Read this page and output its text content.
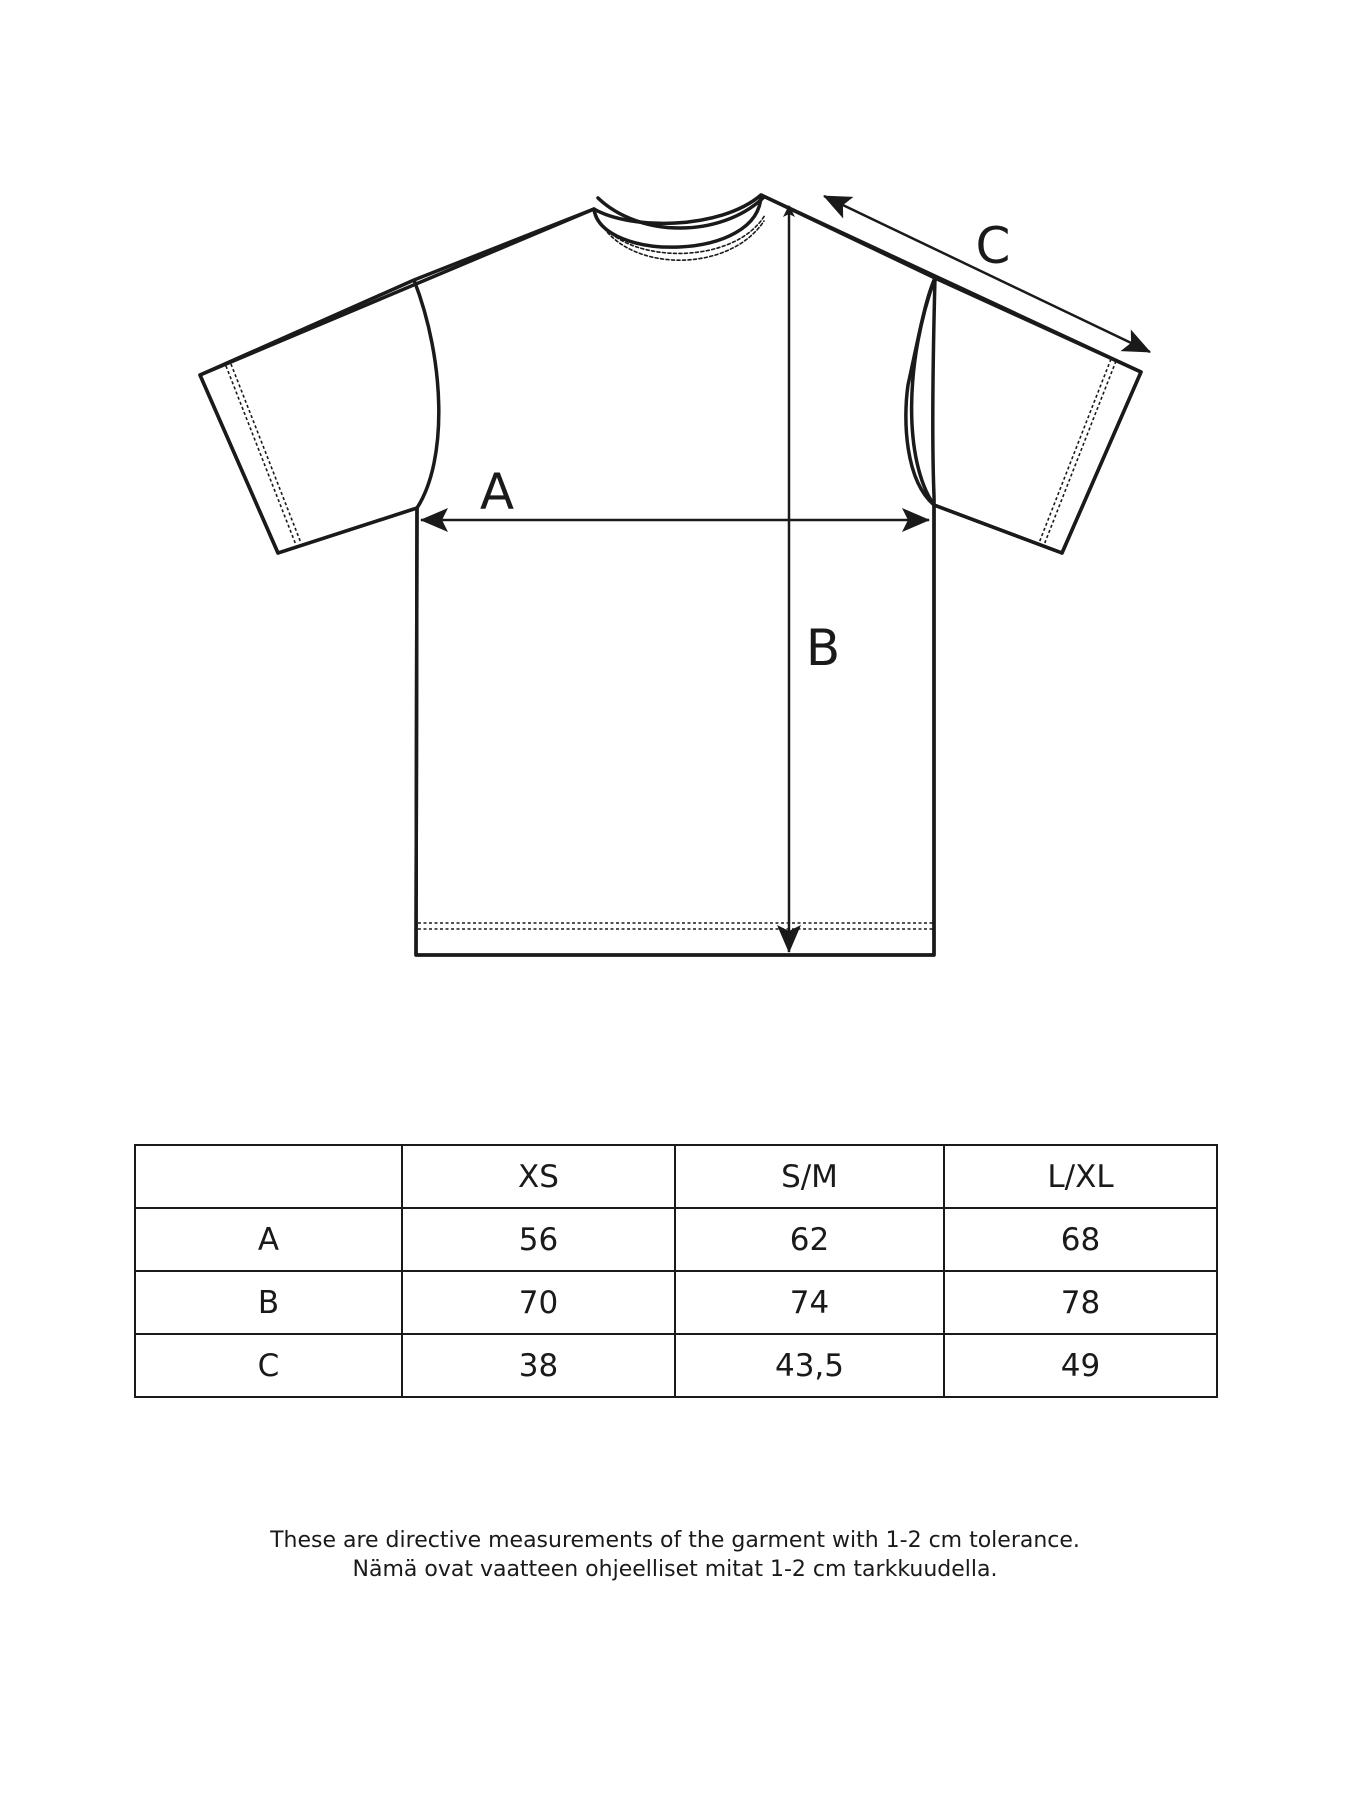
A
B
C
	XS	S/M	L/XL
A	56	62	68
B	70	74	78
C	38	43,5	49
These are directive measurements of the garment with 1-2 cm tolerance.
Nämä ovat vaatteen ohjeelliset mitat 1-2 cm tarkkuudella.
